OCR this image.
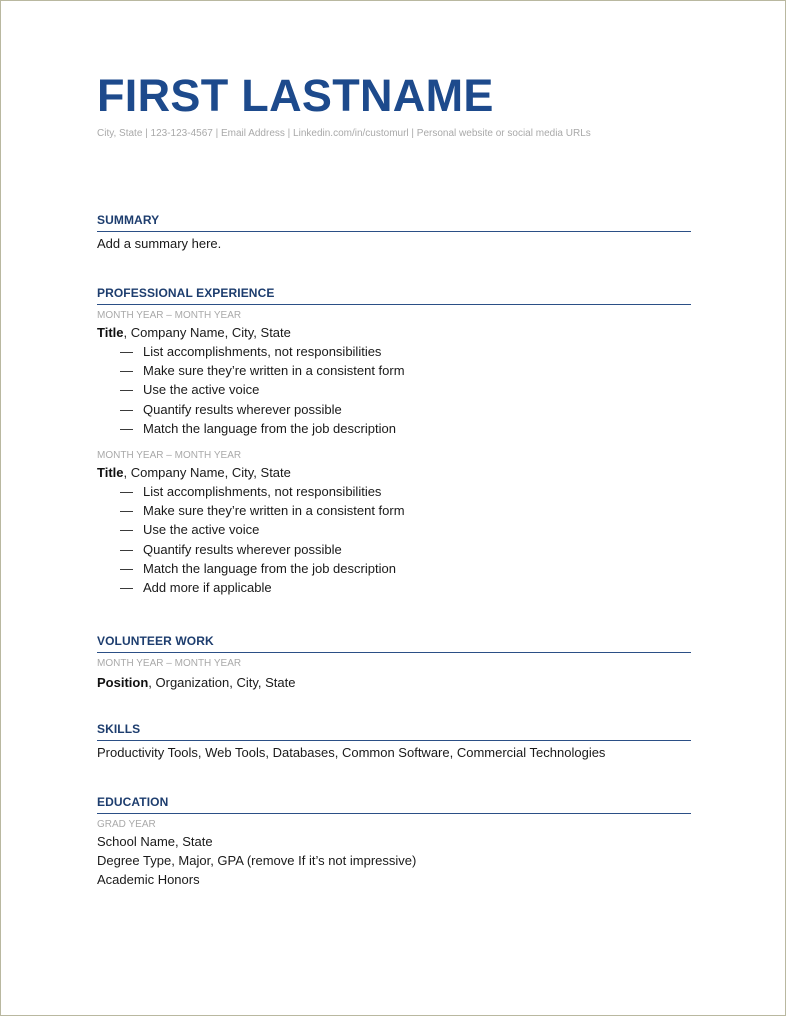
FIRST LASTNAME
City, State | 123-123-4567 | Email Address | Linkedin.com/in/customurl | Personal website or social media URLs
SUMMARY
Add a summary here.
PROFESSIONAL EXPERIENCE
MONTH YEAR – MONTH YEAR
Title, Company Name, City, State
— List accomplishments, not responsibilities
— Make sure they’re written in a consistent form
— Use the active voice
— Quantify results wherever possible
— Match the language from the job description
MONTH YEAR – MONTH YEAR
Title, Company Name, City, State
— List accomplishments, not responsibilities
— Make sure they’re written in a consistent form
— Use the active voice
— Quantify results wherever possible
— Match the language from the job description
— Add more if applicable
VOLUNTEER WORK
MONTH YEAR – MONTH YEAR
Position, Organization, City, State
SKILLS
Productivity Tools, Web Tools, Databases, Common Software, Commercial Technologies
EDUCATION
GRAD YEAR
School Name, State
Degree Type, Major, GPA (remove If it’s not impressive)
Academic Honors
